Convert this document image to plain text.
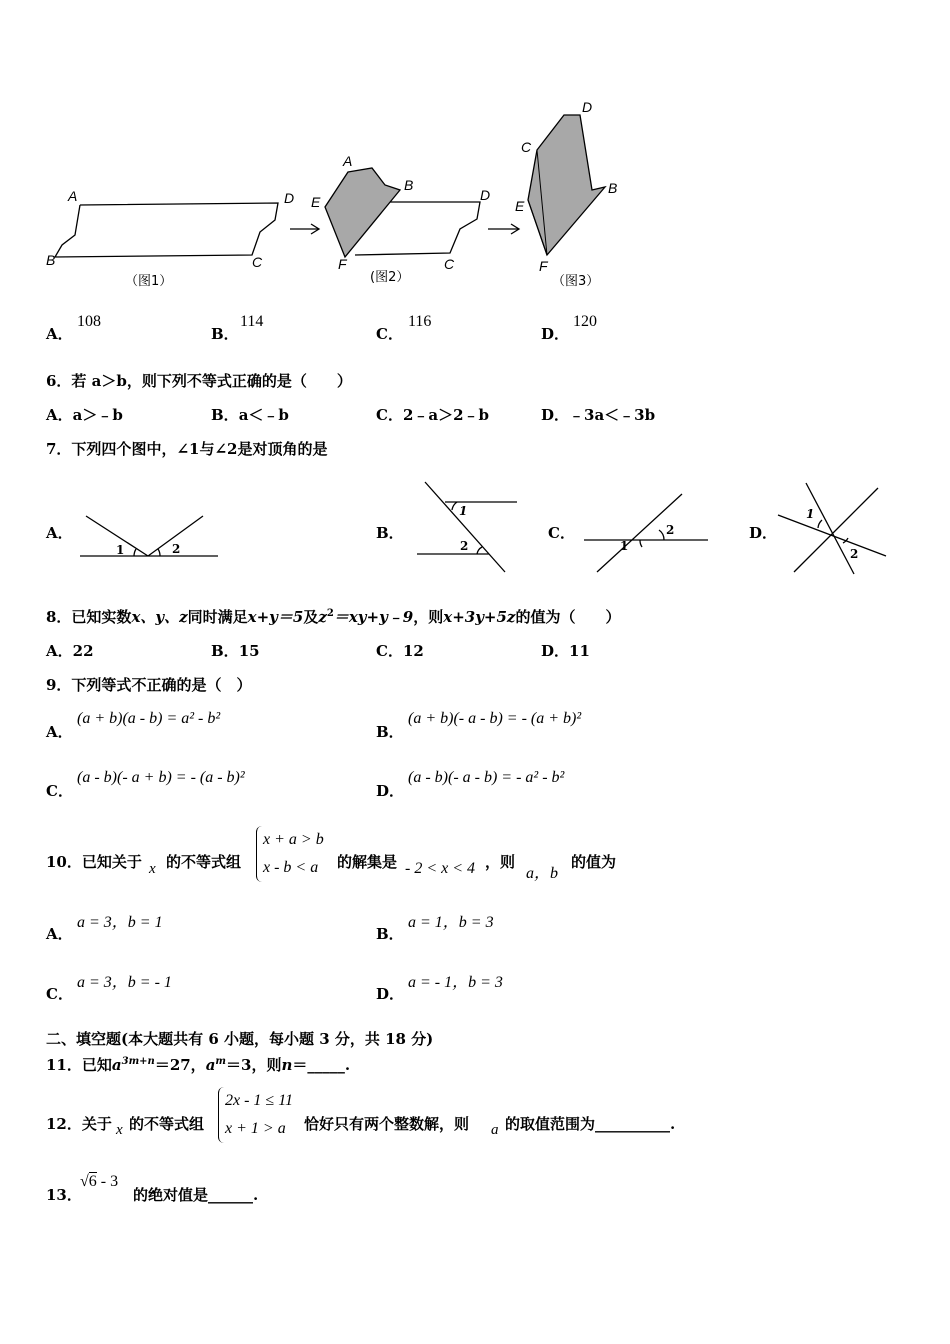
A
B	C
D
（图1）
A
B
C
D
E
F
(图2）
B
C
D
E
F
（图3）
A．
108
B．
114
C．
116
D．
120
6．若 a＞b，则下列不等式正确的是（　　）
A．a＞﹣b	B．a＜﹣b	C．2﹣a＞2﹣b	D．﹣3a＜﹣3b
7．下列四个图中，∠1与∠2是对顶角的是
A．
1	2
B．
1
2
C．	2
1
D．
1
2
8．已知实数x、y、z同时满足x+y＝5及$z^2=xy+y﹣9$，则x+3y+5z的值为（　　）
A．22	B．15	C．12	D．11
9．下列等式不正确的是（　）
A．
(a + b)(a - b) = a² - b²
B．
(a + b)(- a - b) = - (a + b)²
C．
(a - b)(- a + b) = - (a - b)²
D．
(a - b)(- a - b) = - a² - b²
10．已知关于 x 的不等式组
x + a > b
x - b < a	的解集是 - 2 < x < 4 ，则
a，b
的值为
A．
a = 3，b = 1
B．
a = 1，b = 3
C．
a = 3，b = - 1
D．
a = - 1，b = 3
二、填空题(本大题共有 6 小题，每小题 3 分，共 18 分)
11．已知$a^{3m+n}=27$，$a^m=3$，则n＝_____.
12．关于 x 的不等式组
2x - 1 ≤ 11
x + 1 > a	恰好只有两个整数解，则 a 的取值范围为__________.
13．
√6 - 3
的绝对值是______.
